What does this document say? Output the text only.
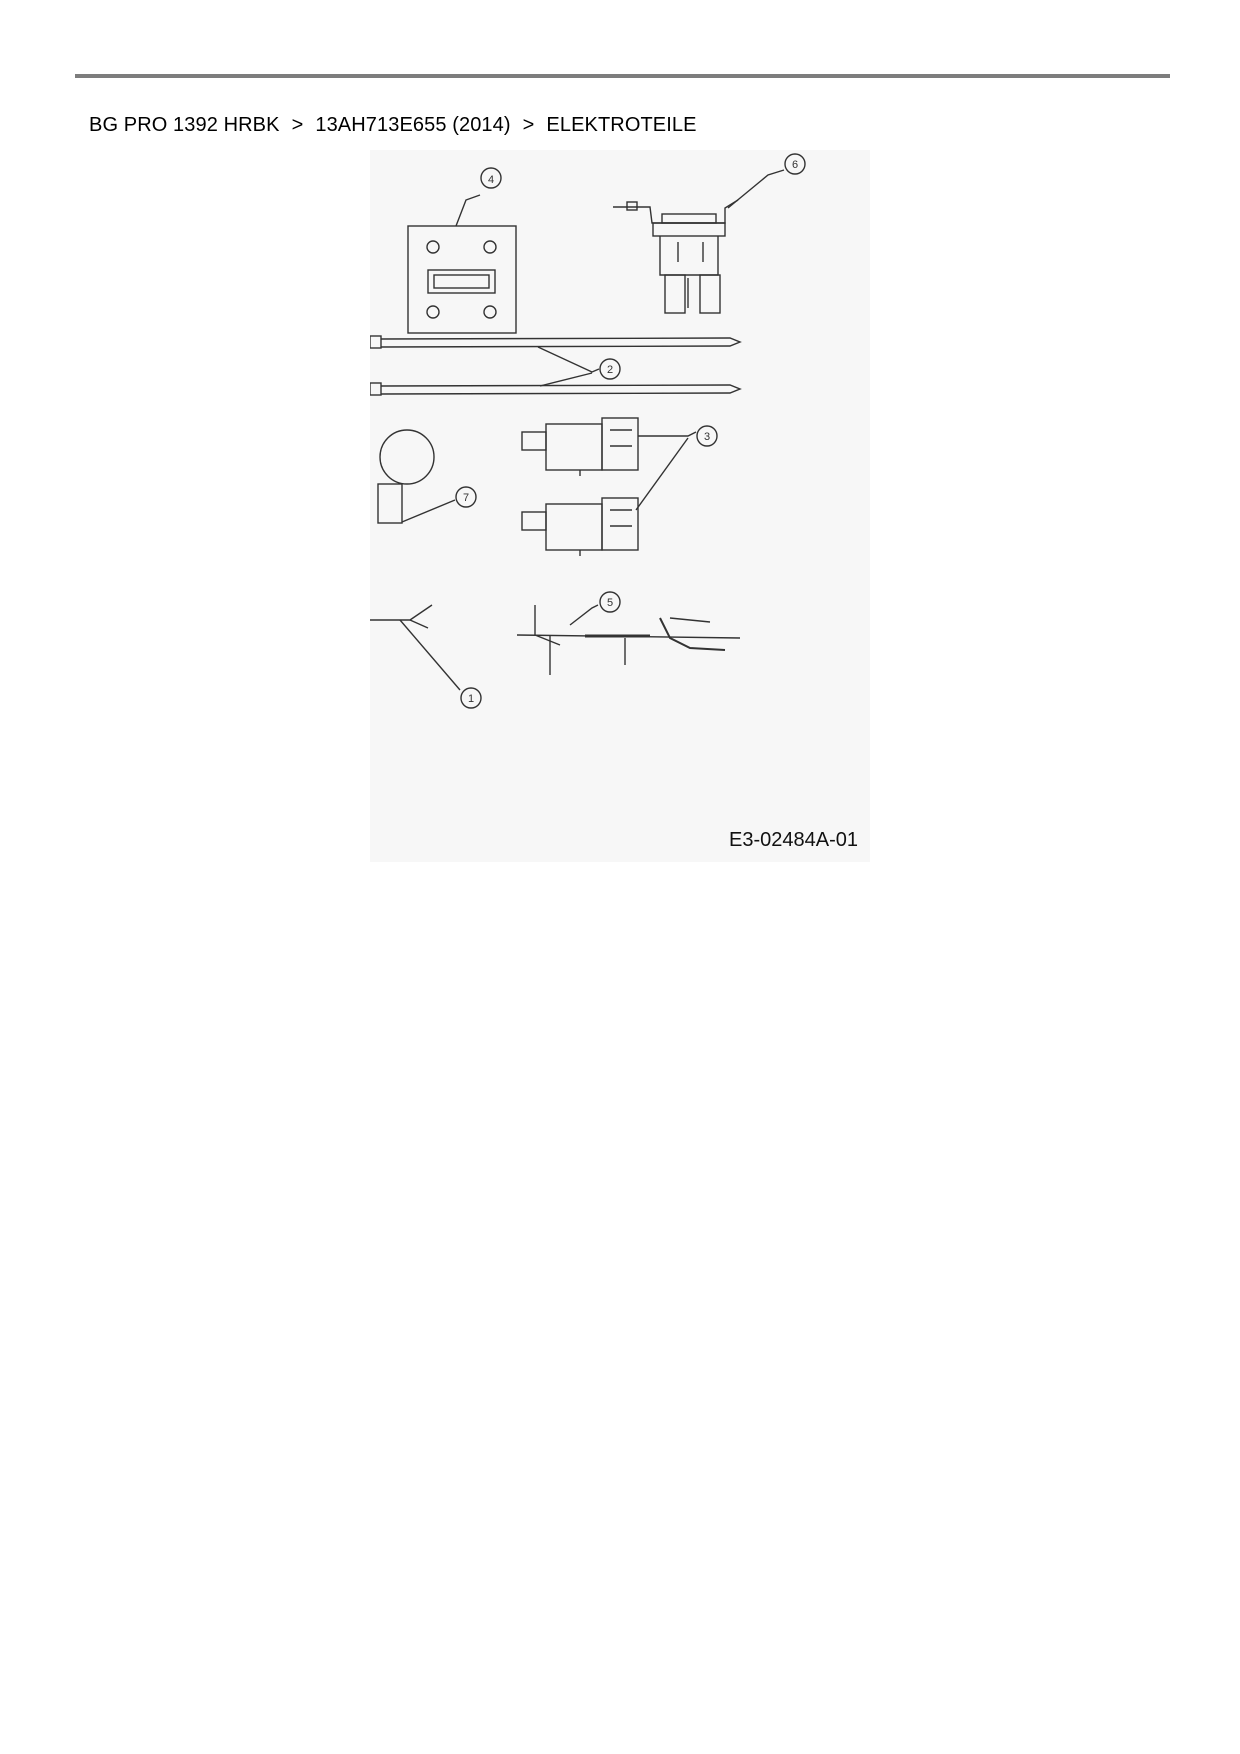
BG PRO 1392 HRBK > 13AH713E655 (2014) > ELEKTROTEILE
4
6
2
3
7
5
1
E3-02484A-01
